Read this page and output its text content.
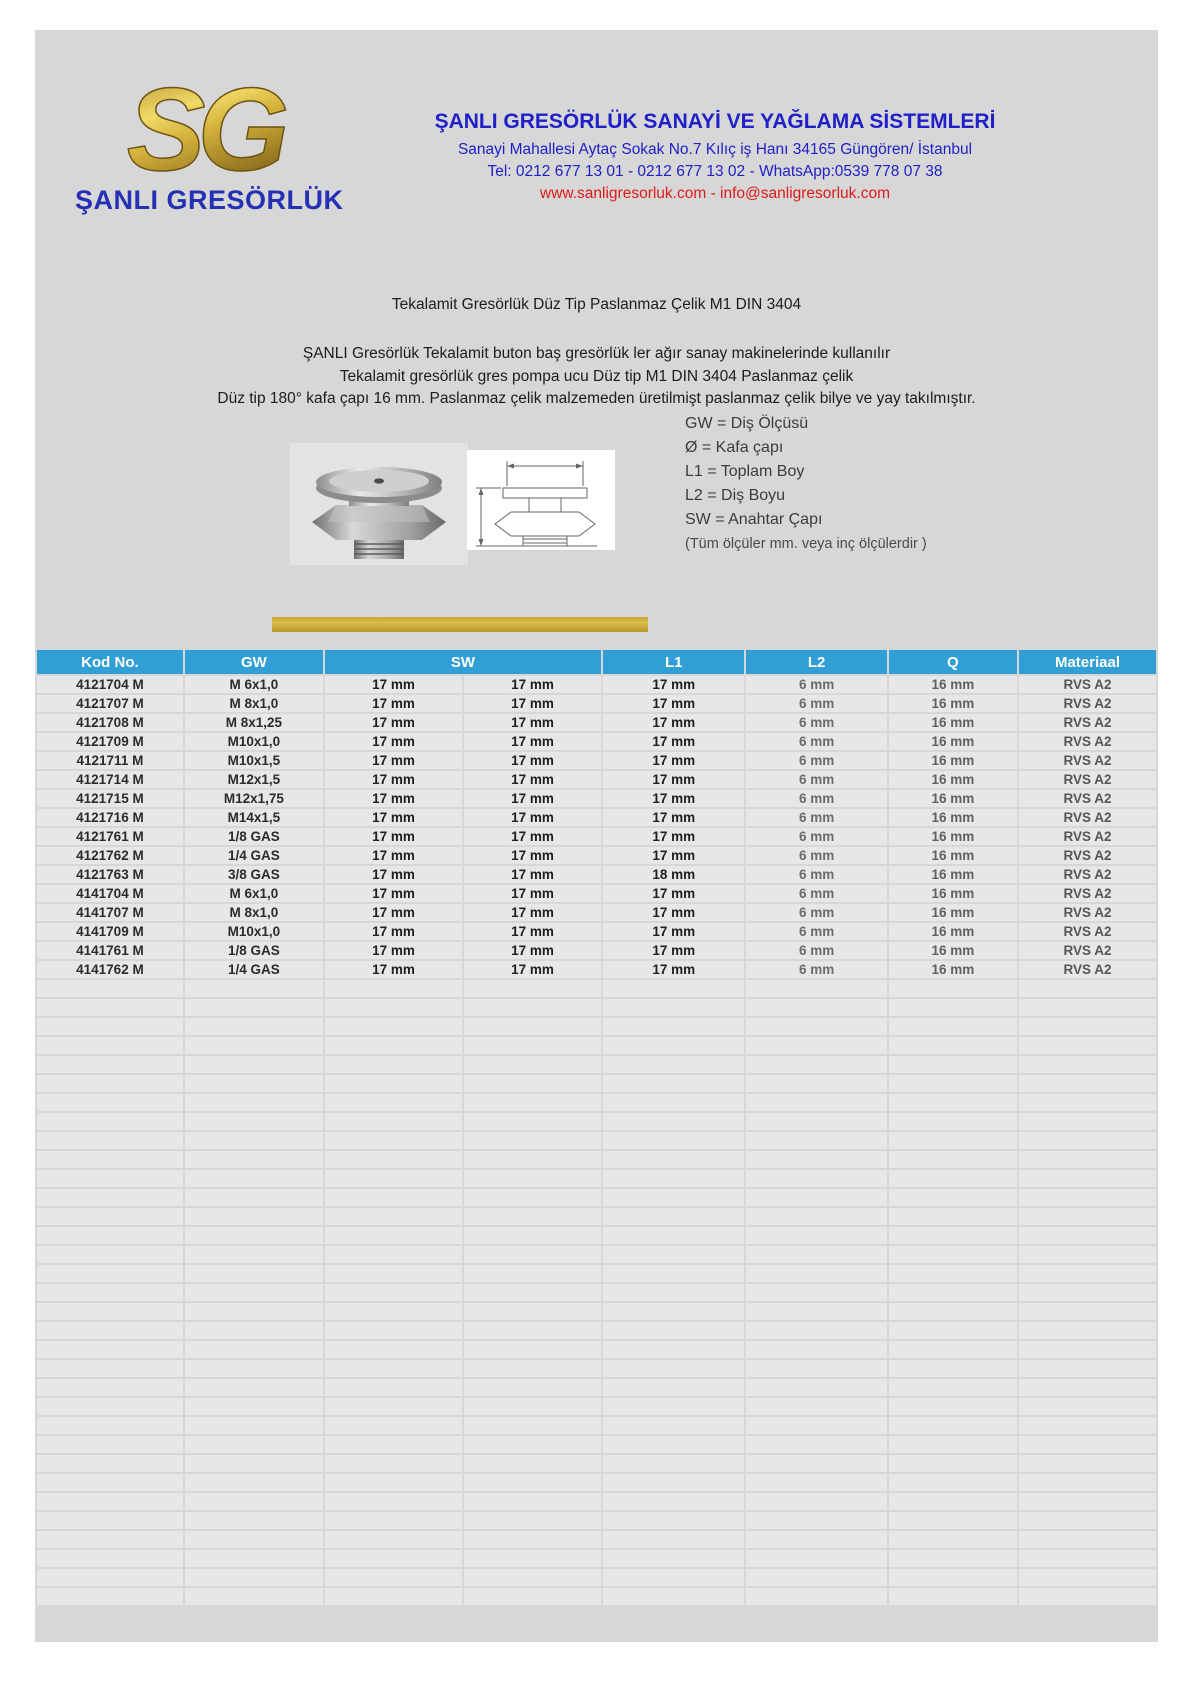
SG
ŞANLI GRESÖRLÜK
ŞANLI GRESÖRLÜK SANAYİ VE YAĞLAMA SİSTEMLERİ
Sanayi Mahallesi Aytaç Sokak No.7 Kılıç iş Hanı 34165 Güngören/ İstanbul
Tel: 0212 677 13 01 - 0212 677 13 02 - WhatsApp:0539 778 07 38
www.sanligresorluk.com - info@sanligresorluk.com
Tekalamit Gresörlük Düz Tip Paslanmaz Çelik M1 DIN 3404
ŞANLI Gresörlük Tekalamit buton baş gresörlük ler ağır sanay makinelerinde kullanılır
Tekalamit gresörlük gres pompa ucu Düz tip M1 DIN 3404 Paslanmaz çelik
Düz tip 180° kafa çapı 16 mm. Paslanmaz çelik malzemeden üretilmişt paslanmaz çelik bilye ve yay takılmıştır.
GW = Diş Ölçüsü
Ø = Kafa çapı
L1 = Toplam Boy
L2 = Diş Boyu
SW = Anahtar Çapı
(Tüm ölçüler mm. veya inç ölçülerdir )
Kod No.	GW	SW		L1	L2	Q	Materiaal
4121704 M	M 6x1,0	17 mm	17 mm	17 mm	6 mm	16 mm	RVS A2
4121707 M	M 8x1,0	17 mm	17 mm	17 mm	6 mm	16 mm	RVS A2
4121708 M	M 8x1,25	17 mm	17 mm	17 mm	6 mm	16 mm	RVS A2
4121709 M	M10x1,0	17 mm	17 mm	17 mm	6 mm	16 mm	RVS A2
4121711 M	M10x1,5	17 mm	17 mm	17 mm	6 mm	16 mm	RVS A2
4121714 M	M12x1,5	17 mm	17 mm	17 mm	6 mm	16 mm	RVS A2
4121715 M	M12x1,75	17 mm	17 mm	17 mm	6 mm	16 mm	RVS A2
4121716 M	M14x1,5	17 mm	17 mm	17 mm	6 mm	16 mm	RVS A2
4121761 M	1/8 GAS	17 mm	17 mm	17 mm	6 mm	16 mm	RVS A2
4121762 M	1/4 GAS	17 mm	17 mm	17 mm	6 mm	16 mm	RVS A2
4121763 M	3/8 GAS	17 mm	17 mm	18 mm	6 mm	16 mm	RVS A2
4141704 M	M 6x1,0	17 mm	17 mm	17 mm	6 mm	16 mm	RVS A2
4141707 M	M 8x1,0	17 mm	17 mm	17 mm	6 mm	16 mm	RVS A2
4141709 M	M10x1,0	17 mm	17 mm	17 mm	6 mm	16 mm	RVS A2
4141761 M	1/8 GAS	17 mm	17 mm	17 mm	6 mm	16 mm	RVS A2
4141762 M	1/4 GAS	17 mm	17 mm	17 mm	6 mm	16 mm	RVS A2
